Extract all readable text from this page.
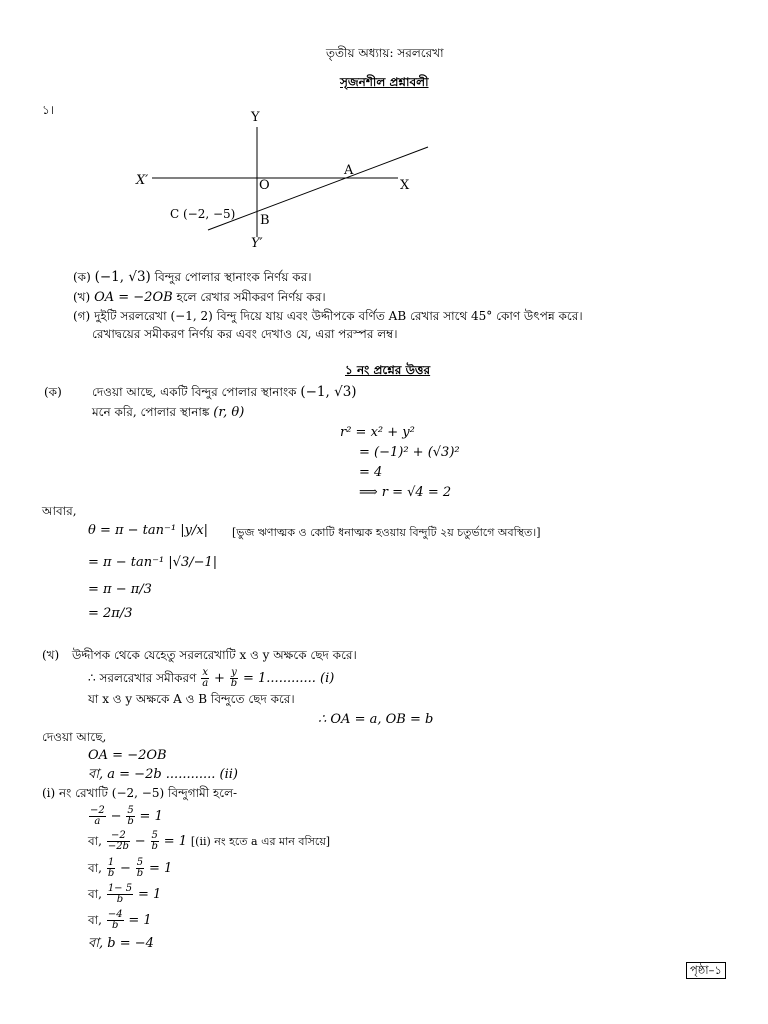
তৃতীয় অধ্যায়: সরলরেখা
সৃজনশীল প্রশ্নাবলী
১।	Y
Y′
X′	X
O
A
B
C (−2, −5)
(ক) (−1, √3) বিন্দুর পোলার স্থানাংক নির্ণয় কর।
(খ) OA = −2OB হলে রেখার সমীকরণ নির্ণয় কর।
(গ) দুইটি সরলরেখা (−1, 2) বিন্দু দিয়ে যায় এবং উদ্দীপকে বর্ণিত AB রেখার সাথে 45° কোণ উৎপন্ন করে।
রেখাদ্বয়ের সমীকরণ নির্ণয় কর এবং দেখাও যে, এরা পরস্পর লম্ব।
১ নং প্রশ্নের উত্তর
(ক)	দেওয়া আছে, একটি বিন্দুর পোলার স্থানাংক (−1, √3)
মনে করি, পোলার স্থানাঙ্ক (r, θ)
r² = x² + y²
= (−1)² + (√3)²
= 4
⟹ r = √4 = 2
আবার,
θ = π − tan⁻¹ |y/x| [ভুজ ঋণাত্মক ও কোটি ধনাত্মক হওয়ায় বিন্দুটি ২য় চতুর্ভাগে অবস্থিত।]
= π − tan⁻¹ |√3/−1|
= π − π/3
= 2π/3
(খ) উদ্দীপক থেকে যেহেতু সরলরেখাটি x ও y অক্ষকে ছেদ করে।
∴ সরলরেখার সমীকরণ $\frac{x}{a} + \frac{y}{b} = 1$............ (i)
যা x ও y অক্ষকে A ও B বিন্দুতে ছেদ করে।
∴ OA = a, OB = b
দেওয়া আছে,
OA = −2OB
বা, a = −2b ............ (ii)
(i) নং রেখাটি (−2, −5) বিন্দুগামী হলে-
$\frac{-2}{a} - \frac{5}{b} = 1$
বা, $\frac{-2}{-2b} - \frac{5}{b} = 1$ [(ii) নং হতে a এর মান বসিয়ে]
বা, $\frac{1}{b} - \frac{5}{b} = 1$
বা, $\frac{1- 5}{b} = 1$
বা, $\frac{-4}{b} = 1$
বা, b = −4
পৃষ্ঠা–১
